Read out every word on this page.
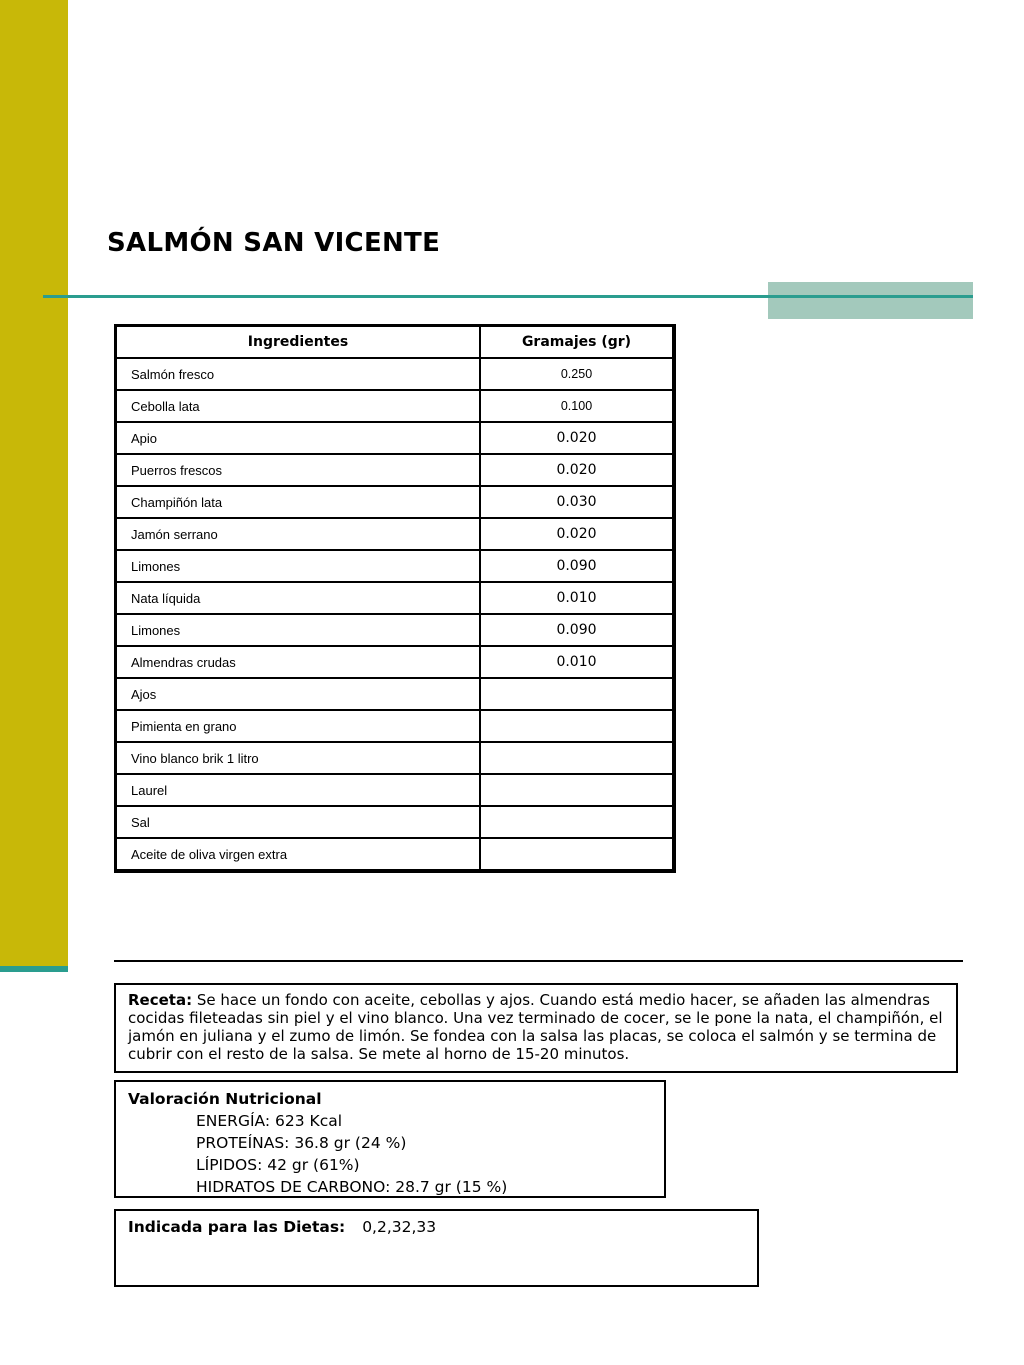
SALMÓN SAN VICENTE
Ingredientes	Gramajes (gr)
Salmón fresco	0.250
Cebolla lata	0.100
Apio	0.020
Puerros frescos	0.020
Champiñón lata	0.030
Jamón serrano	0.020
Limones	0.090
Nata líquida	0.010
Limones	0.090
Almendras crudas	0.010
Ajos	
Pimienta en grano	
Vino blanco brik 1 litro	
Laurel	
Sal	
Aceite de oliva virgen extra	
Receta: Se hace un fondo con aceite, cebollas y ajos. Cuando está medio hacer, se añaden las almendras cocidas fileteadas sin piel y el vino blanco. Una vez terminado de cocer, se le pone la nata, el champiñón, el jamón en juliana y el zumo de limón. Se fondea con la salsa las placas, se coloca el salmón y se termina de cubrir con el resto de la salsa. Se mete al horno de 15-20 minutos.
Valoración Nutricional
ENERGÍA: 623 Kcal
PROTEÍNAS: 36.8 gr (24 %)
LÍPIDOS: 42 gr (61%)
HIDRATOS DE CARBONO: 28.7 gr (15 %)
Indicada para las Dietas: 0,2,32,33
